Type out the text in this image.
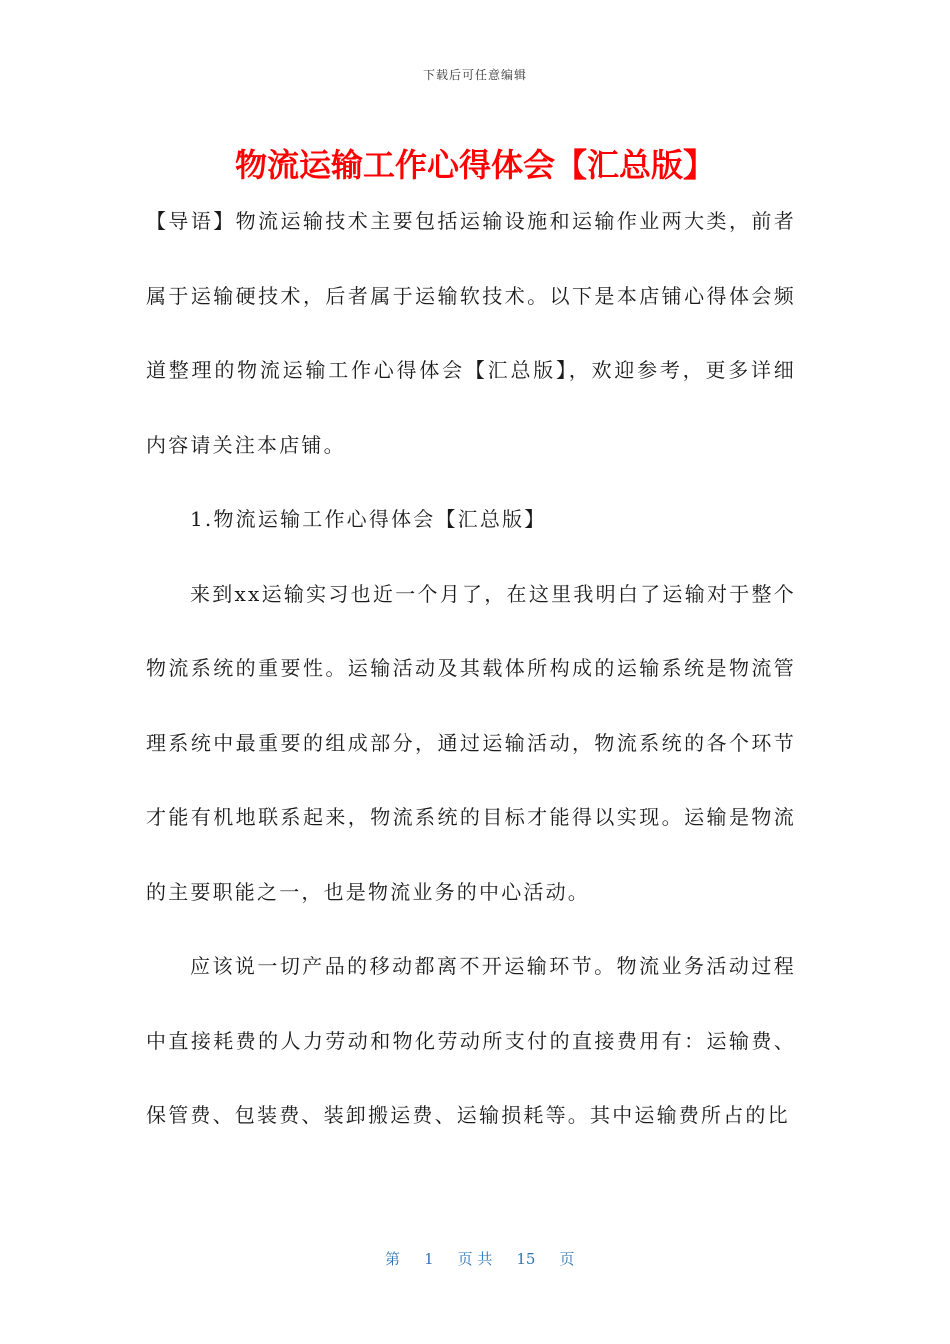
下载后可任意编辑
物流运输工作心得体会【汇总版】

【导语】物流运输技术主要包括运输设施和运输作业两大类，前者属于运输硬技术，后者属于运输软技术。以下是本店铺心得体会频道整理的物流运输工作心得体会【汇总版】，欢迎参考，更多详细内容请关注本店铺。

1.物流运输工作心得体会【汇总版】

来到xx运输实习也近一个月了，在这里我明白了运输对于整个物流系统的重要性。运输活动及其载体所构成的运输系统是物流管理系统中最重要的组成部分，通过运输活动，物流系统的各个环节才能有机地联系起来，物流系统的目标才能得以实现。运输是物流的主要职能之一，也是物流业务的中心活动。

应该说一切产品的移动都离不开运输环节。物流业务活动过程中直接耗费的人力劳动和物化劳动所支付的直接费用有：运输费、保管费、包装费、装卸搬运费、运输损耗等。其中运输费所占的比

第 1 页 共 15 页
